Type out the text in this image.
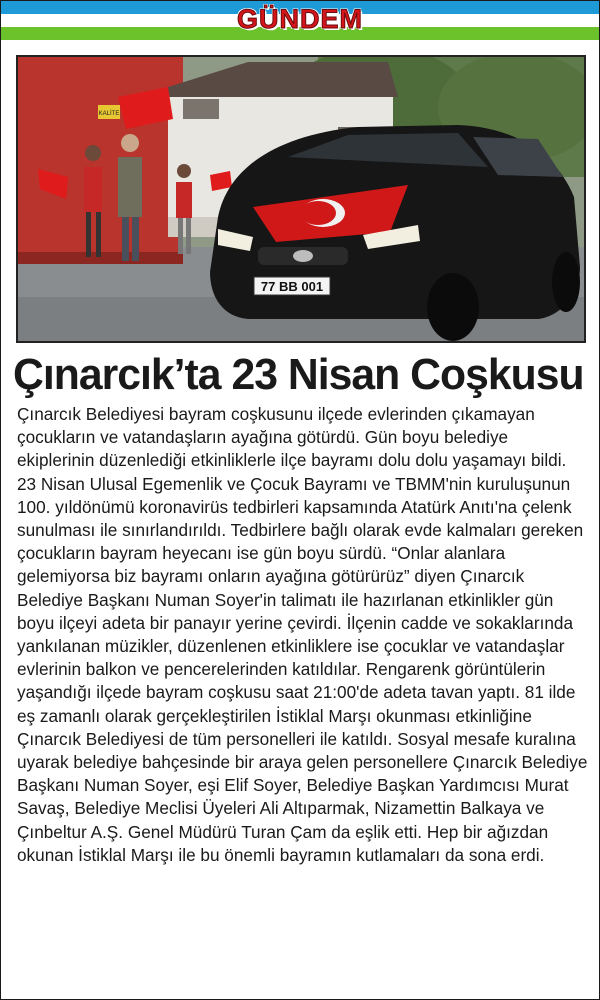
GÜNDEM
KALİTE
77 BB 001
Çınarcık’ta 23 Nisan Coşkusu

Çınarcık Belediyesi bayram coşkusunu ilçede evlerinden çıkamayan çocukların ve vatandaşların ayağına götürdü. Gün boyu belediye ekiplerinin düzenlediği etkinliklerle ilçe bayramı dolu dolu yaşamayı bildi.

23 Nisan Ulusal Egemenlik ve Çocuk Bayramı ve TBMM'nin kuruluşunun 100. yıldönümü koronavirüs tedbirleri kapsamında Atatürk Anıtı'na çelenk sunulması ile sınırlandırıldı. Tedbirlere bağlı olarak evde kalmaları gereken çocukların bayram heyecanı ise gün boyu sürdü. “Onlar alanlara gelemiyorsa biz bayramı onların ayağına götürürüz” diyen Çınarcık Belediye Başkanı Numan Soyer'in talimatı ile hazırlanan etkinlikler gün boyu ilçeyi adeta bir panayır yerine çevirdi. İlçenin cadde ve sokaklarında yankılanan müzikler, düzenlenen etkinliklere ise çocuklar ve vatandaşlar evlerinin balkon ve pencerelerinden katıldılar. Rengarenk görüntülerin yaşandığı ilçede bayram coşkusu saat 21:00'de adeta tavan yaptı. 81 ilde eş zamanlı olarak gerçekleştirilen İstiklal Marşı okunması etkinliğine Çınarcık Belediyesi de tüm personelleri ile katıldı. Sosyal mesafe kuralına uyarak belediye bahçesinde bir araya gelen personellere Çınarcık Belediye Başkanı Numan Soyer, eşi Elif Soyer, Belediye Başkan Yardımcısı Murat Savaş, Belediye Meclisi Üyeleri Ali Altıparmak, Nizamettin Balkaya ve Çınbeltur A.Ş. Genel Müdürü Turan Çam da eşlik etti. Hep bir ağızdan okunan İstiklal Marşı ile bu önemli bayramın kutlamaları da sona erdi.
